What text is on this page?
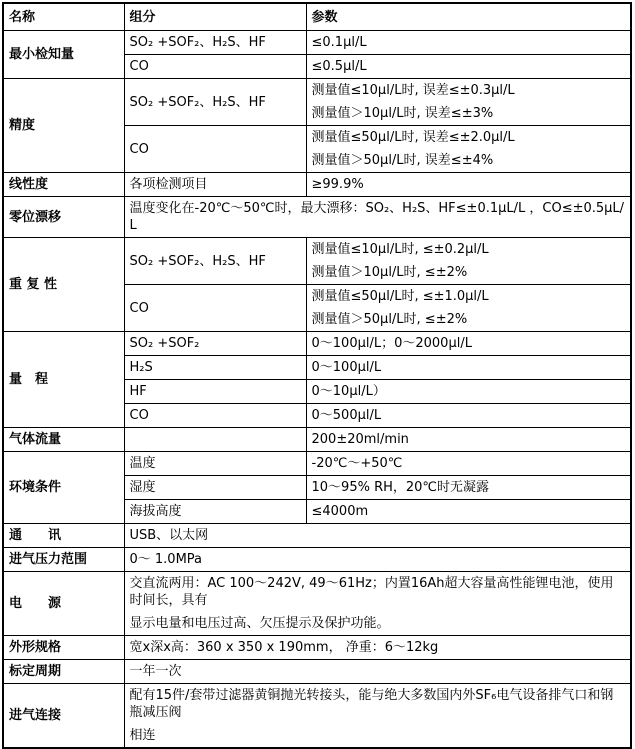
名称	组分	参数
最小检知量	SO₂ +SOF₂、H₂S、HF	≤0.1μl/L
	CO	≤0.5μl/L
精度	SO₂ +SOF₂、H₂S、HF	测量值≤10μl/L时, 误差≤±0.3μl/L
测量值＞10μl/L时, 误差≤±3%

	CO	测量值≤50μl/L时, 误差≤±2.0μl/L
测量值＞50μl/L时, 误差≤±4%

线性度	各项检测项目	≥99.9%
零位漂移	温度变化在-20℃～50℃时，最大漂移：SO₂、H₂S、HF≤±0.1μL/L ，CO≤±0.5μL/L	
重 复 性	SO₂ +SOF₂、H₂S、HF	测量值≤10μl/L时, ≤±0.2μl/L
测量值＞10μl/L时, ≤±2%

	CO	测量值≤50μl/L时, ≤±1.0μl/L
测量值＞50μl/L时, ≤±2%

量　程	SO₂ +SOF₂	0～100μl/L；0～2000μl/L
	H₂S	0～100μl/L
	HF	0～10μl/L）
	CO	0～500μl/L
气体流量		200±20ml/min
环境条件	温度	-20℃～+50℃
	湿度	10～95% RH，20℃时无凝露
	海拔高度	≤4000m
通　　讯	USB、以太网	
进气压力范围	0～ 1.0MPa	
电　　源	交直流两用：AC 100～242V, 49～61Hz；内置16Ah超大容量高性能锂电池，使用时间长，具有
显示电量和电压过高、欠压提示及保护功能。	

外形规格	宽x深x高：360 x 350 x 190mm， 净重：6～12kg	
标定周期	一年一次	
进气连接	配有15件/套带过滤器黄铜抛光转接头，能与绝大多数国内外SF₆电气设备排气口和钢瓶减压阀
相连	
